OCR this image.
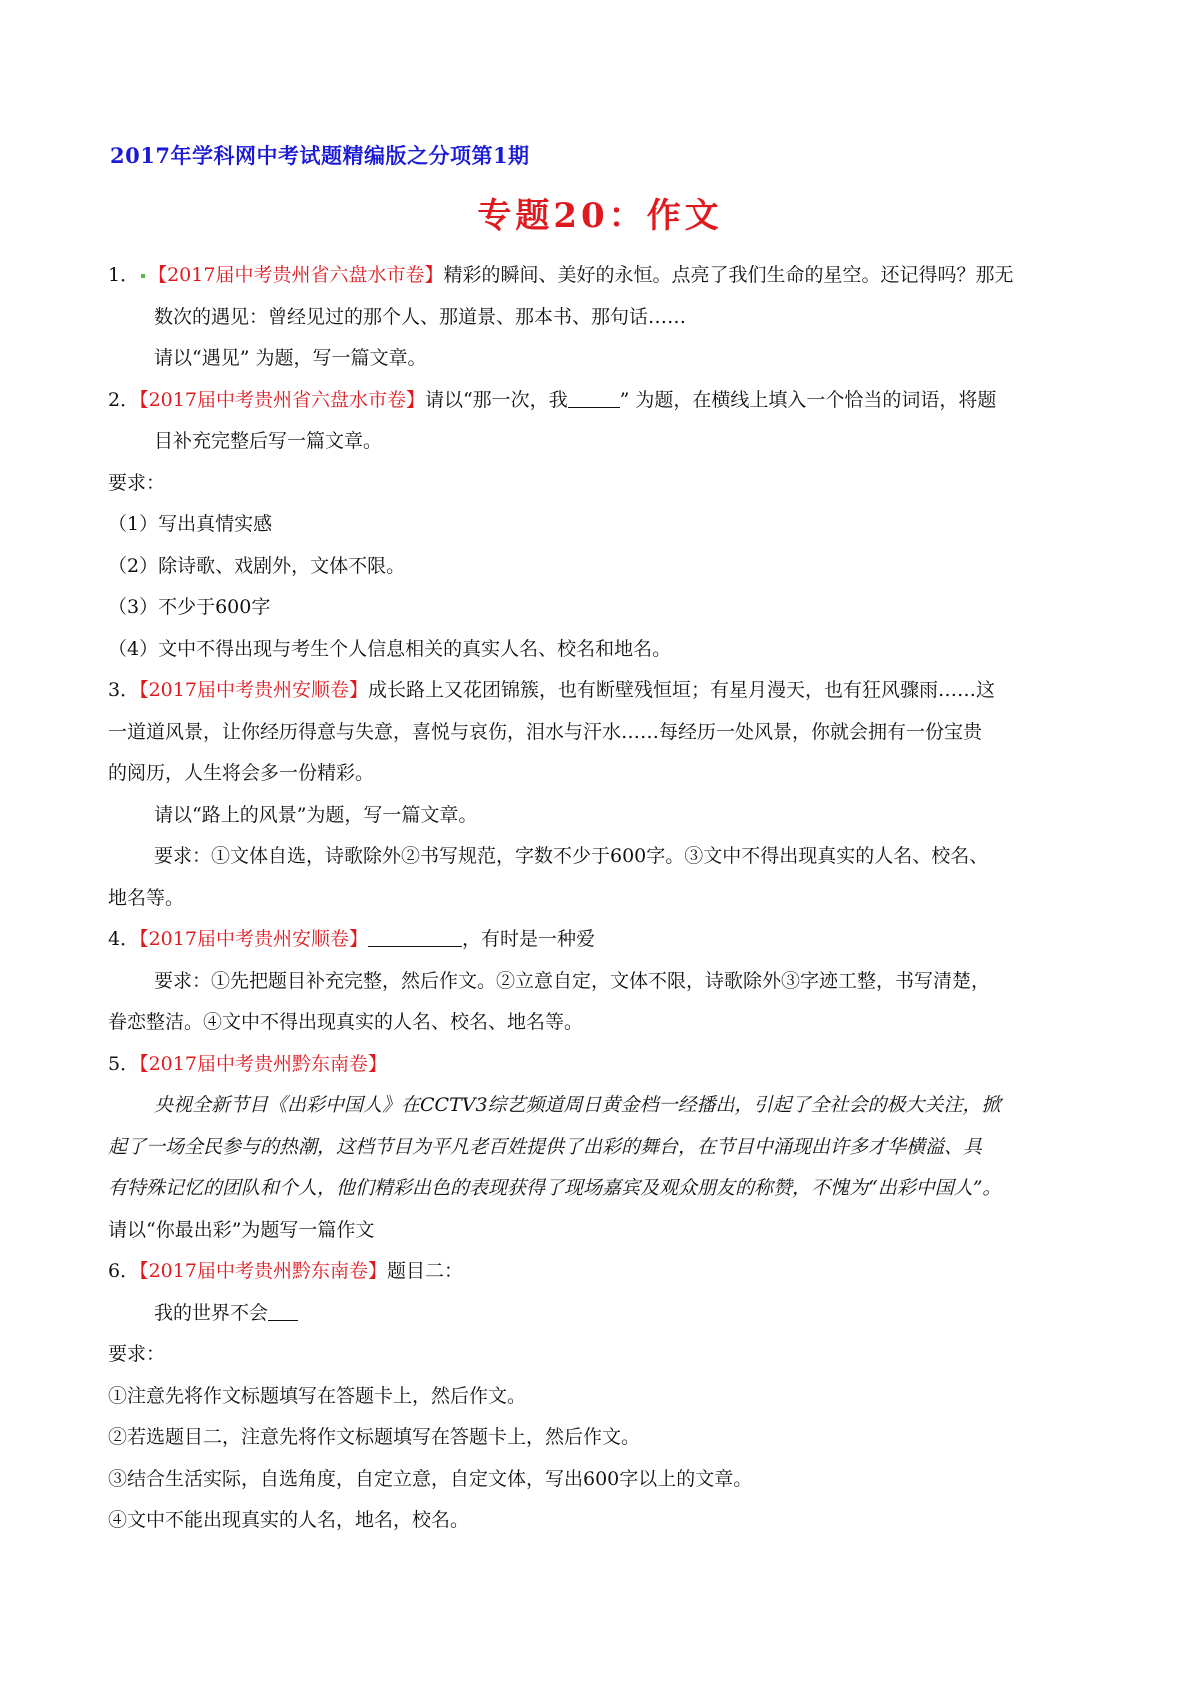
2017年学科网中考试题精编版之分项第1期
专题20：作文
1． 【2017届中考贵州省六盘水市卷】精彩的瞬间、美好的永恒。点亮了我们生命的星空。还记得吗？那无
数次的遇见：曾经见过的那个人、那道景、那本书、那句话……
请以“遇见” 为题，写一篇文章。
2．【2017届中考贵州省六盘水市卷】请以“那一次，我	” 为题，在横线上填入一个恰当的词语，将题
目补充完整后写一篇文章。
要求：
（1）写出真情实感
（2）除诗歌、戏剧外，文体不限。
（3）不少于600字
（4）文中不得出现与考生个人信息相关的真实人名、校名和地名。
3．【2017届中考贵州安顺卷】成长路上又花团锦簇，也有断壁残恒垣；有星月漫天，也有狂风骤雨……这
一道道风景，让你经历得意与失意，喜悦与哀伤，泪水与汗水……每经历一处风景，你就会拥有一份宝贵
的阅历，人生将会多一份精彩。
请以“路上的风景”为题，写一篇文章。
要求：①文体自选，诗歌除外②书写规范，字数不少于600字。③文中不得出现真实的人名、校名、
地名等。
4．【2017届中考贵州安顺卷】	，有时是一种爱
要求：①先把题目补充完整，然后作文。②立意自定，文体不限，诗歌除外③字迹工整，书写清楚，
眷恋整洁。④文中不得出现真实的人名、校名、地名等。
5．【2017届中考贵州黔东南卷】
央视全新节目《出彩中国人》在CCTV3综艺频道周日黄金档一经播出，引起了全社会的极大关注，掀
起了一场全民参与的热潮，这档节目为平凡老百姓提供了出彩的舞台，在节目中涌现出许多才华横溢、具
有特殊记忆的团队和个人，他们精彩出色的表现获得了现场嘉宾及观众朋友的称赞，不愧为“出彩中国人”。
请以“你最出彩”为题写一篇作文
6．【2017届中考贵州黔东南卷】题目二：
我的世界不会
要求：
①注意先将作文标题填写在答题卡上，然后作文。
②若选题目二，注意先将作文标题填写在答题卡上，然后作文。
③结合生活实际，自选角度，自定立意，自定文体，写出600字以上的文章。
④文中不能出现真实的人名，地名，校名。
